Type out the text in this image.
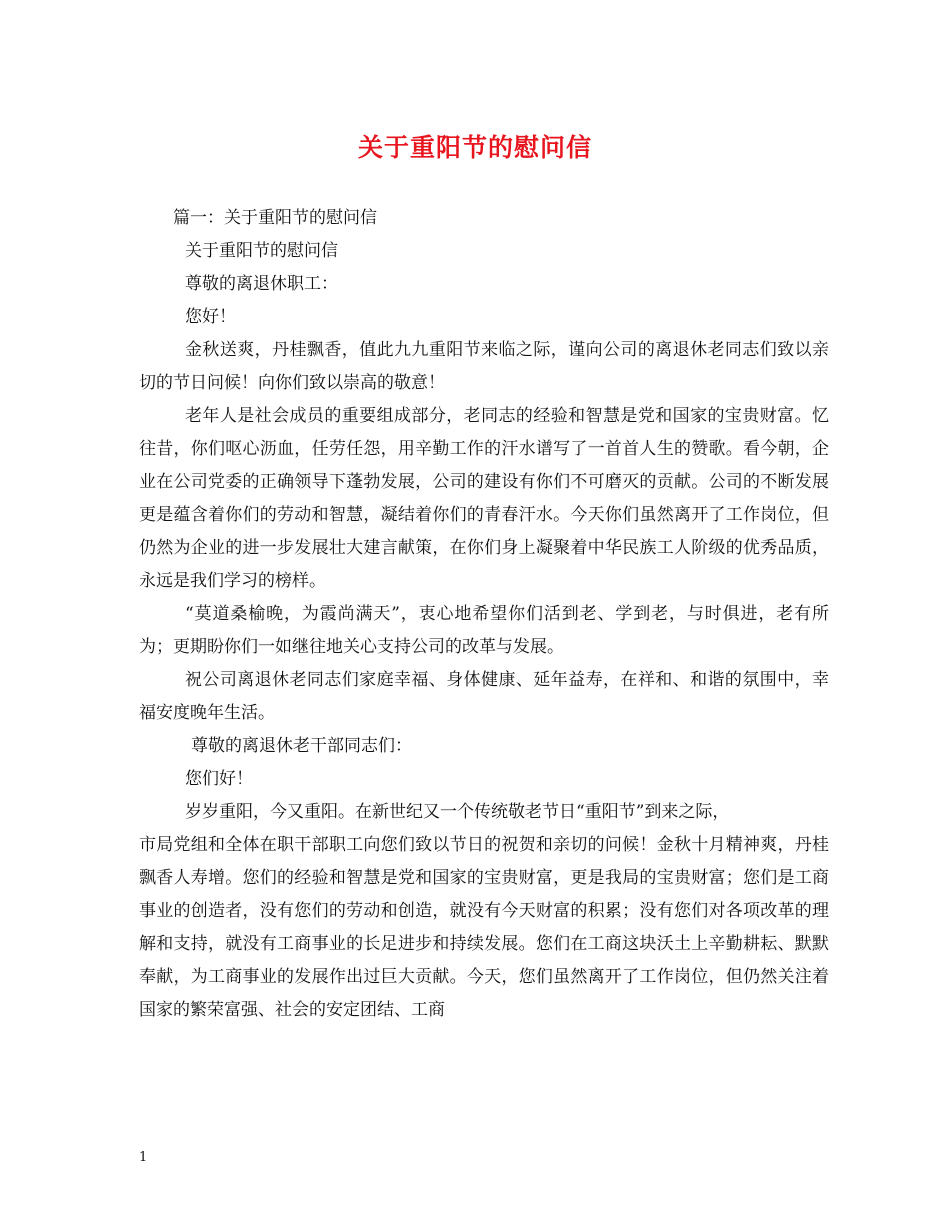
关于重阳节的慰问信

篇一：关于重阳节的慰问信

关于重阳节的慰问信

尊敬的离退休职工：

您好！

金秋送爽，丹桂飘香，值此九九重阳节来临之际，谨向公司的离退休老同志们致以亲切的节日问候！向你们致以崇高的敬意！

老年人是社会成员的重要组成部分，老同志的经验和智慧是党和国家的宝贵财富。忆往昔，你们呕心沥血，任劳任怨，用辛勤工作的汗水谱写了一首首人生的赞歌。看今朝，企业在公司党委的正确领导下蓬勃发展，公司的建设有你们不可磨灭的贡献。公司的不断发展更是蕴含着你们的劳动和智慧，凝结着你们的青春汗水。今天你们虽然离开了工作岗位，但仍然为企业的进一步发展壮大建言献策，在你们身上凝聚着中华民族工人阶级的优秀品质，永远是我们学习的榜样。

“莫道桑榆晚，为霞尚满天”，衷心地希望你们活到老、学到老，与时俱进，老有所为；更期盼你们一如继往地关心支持公司的改革与发展。

祝公司离退休老同志们家庭幸福、身体健康、延年益寿，在祥和、和谐的氛围中，幸福安度晚年生活。

尊敬的离退休老干部同志们：

您们好！

岁岁重阳，今又重阳。在新世纪又一个传统敬老节日“重阳节”到来之际，

市局党组和全体在职干部职工向您们致以节日的祝贺和亲切的问候！金秋十月精神爽，丹桂飘香人寿增。您们的经验和智慧是党和国家的宝贵财富，更是我局的宝贵财富；您们是工商事业的创造者，没有您们的劳动和创造，就没有今天财富的积累；没有您们对各项改革的理解和支持，就没有工商事业的长足进步和持续发展。您们在工商这块沃土上辛勤耕耘、默默奉献，为工商事业的发展作出过巨大贡献。今天，您们虽然离开了工作岗位，但仍然关注着国家的繁荣富强、社会的安定团结、工商

1
